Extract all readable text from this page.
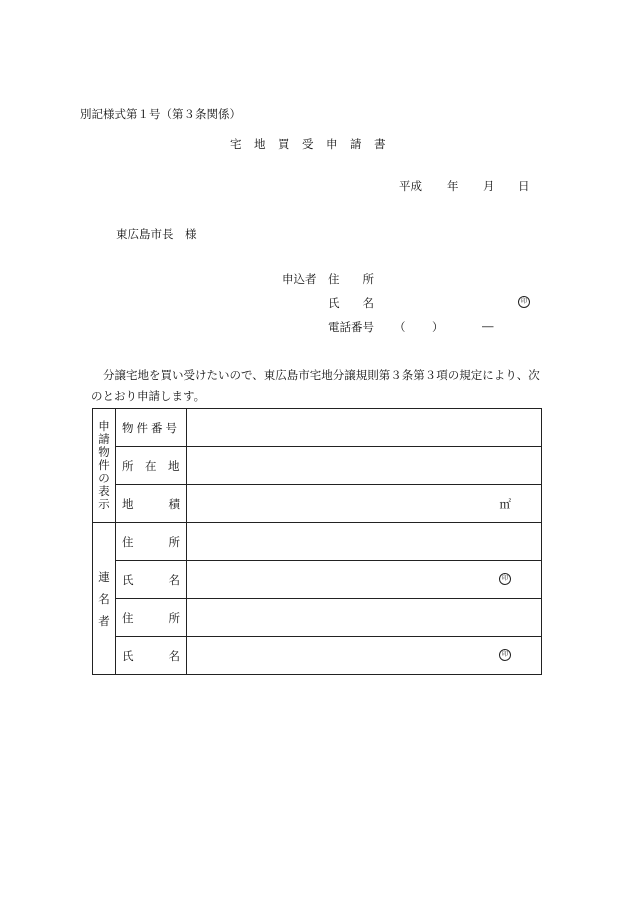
別記様式第１号（第３条関係）
宅　地　買　受　申　請　書
平成 年 月 日
東広島市長　様
申込者 住　　所
氏　　名	印
電話番号 （ ）	―
分譲宅地を買い受けたいので、東広島市宅地分譲規則第３条第３項の規定により、次
のとおり申請します。
申請物件の表示	物件番号	

	所　在　地	

	地 積	㎡

連名者	住 所	

	氏 名	印

	住 所	

	氏 名	印
